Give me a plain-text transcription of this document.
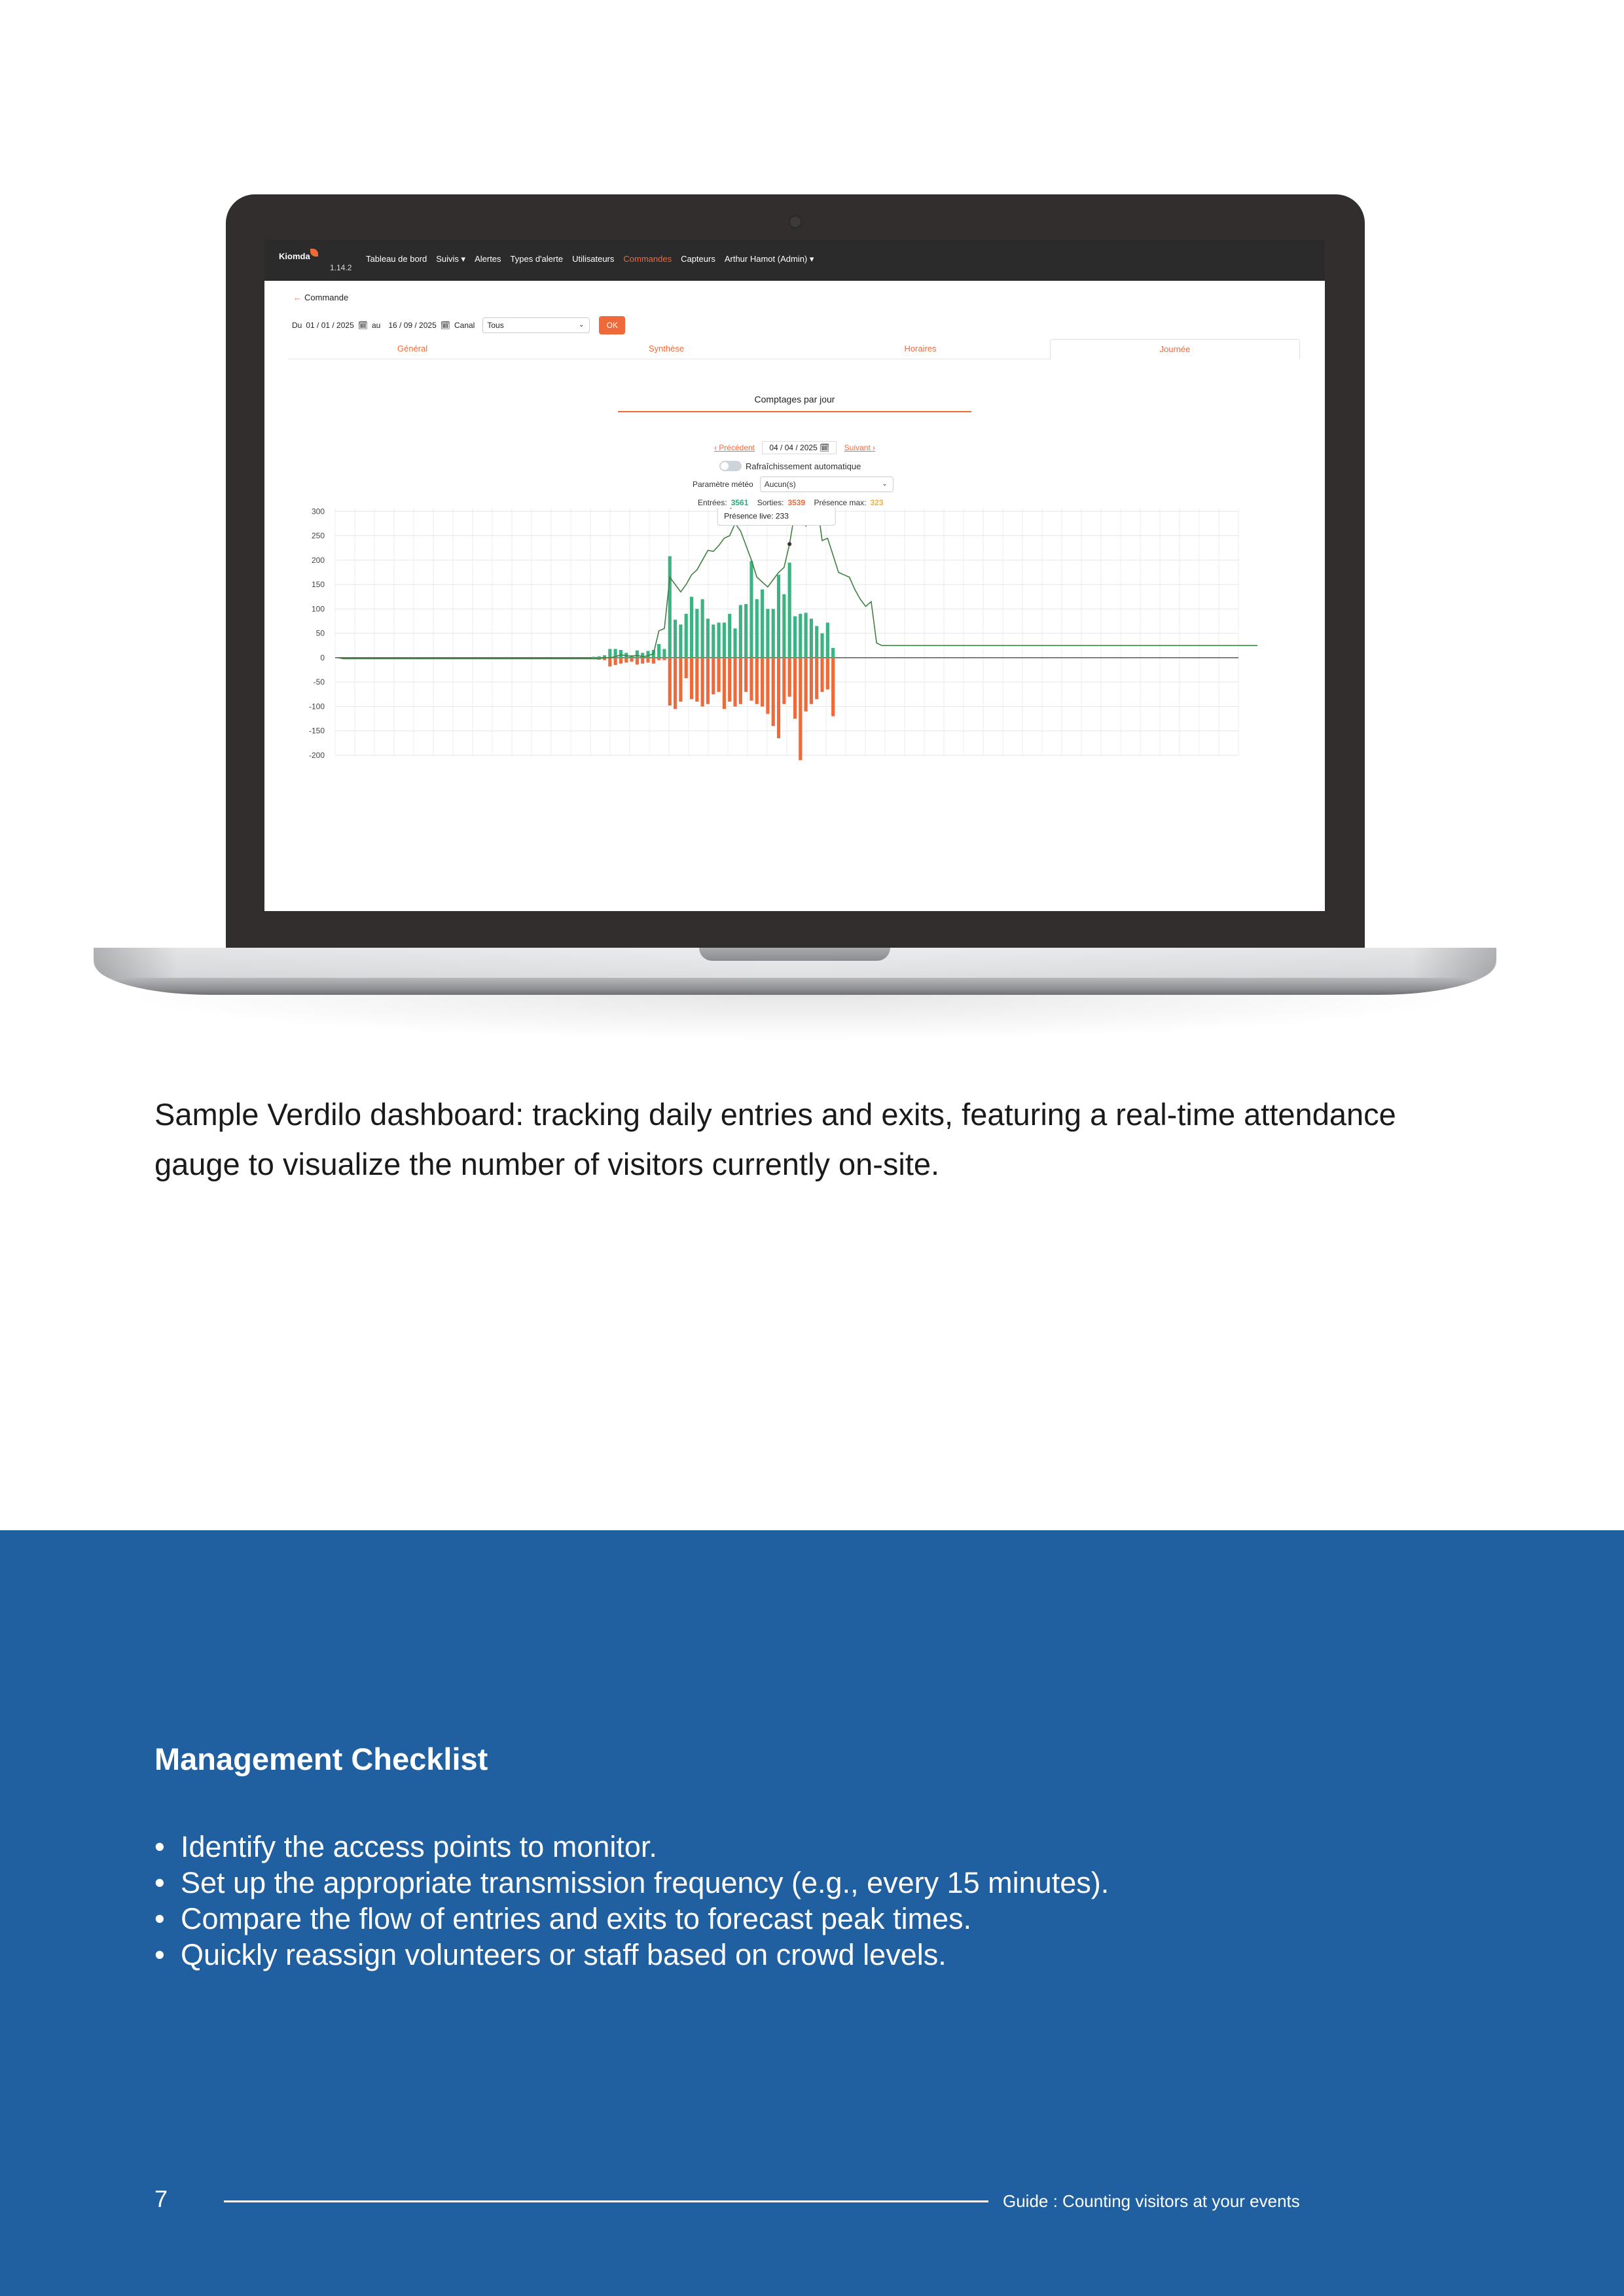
Kiomda
1.14.2
Tableau de bord Suivis ▾ Alertes Types d'alerte Utilisateurs Commandes Capteurs Arthur Hamot (Admin) ▾
← Commande
Du 01 / 01 / 2025 🗓 au 16 / 09 / 2025 🗓 Canal	Tous	⌄	OK
Général	Synthèse	Horaires	Journée
Comptages par jour
‹ Précédent 04 / 04 / 2025 🗓 Suivant ›
Rafraîchissement automatique
Paramètre météo	Aucun(s)	⌄
Entrées: 3561 Sorties: 3539 Présence max: 323
300
250
200
150
100
50
0
-50
-100
-150
-200
Présence live: 233
Sample Verdilo dashboard: tracking daily entries and exits, featuring a real-time attendance gauge to visualize the number of visitors currently on-site.
Management Checklist
• Identify the access points to monitor.
• Set up the appropriate transmission frequency (e.g., every 15 minutes).
• Compare the flow of entries and exits to forecast peak times.
• Quickly reassign volunteers or staff based on crowd levels.
7	Guide : Counting visitors at your events
